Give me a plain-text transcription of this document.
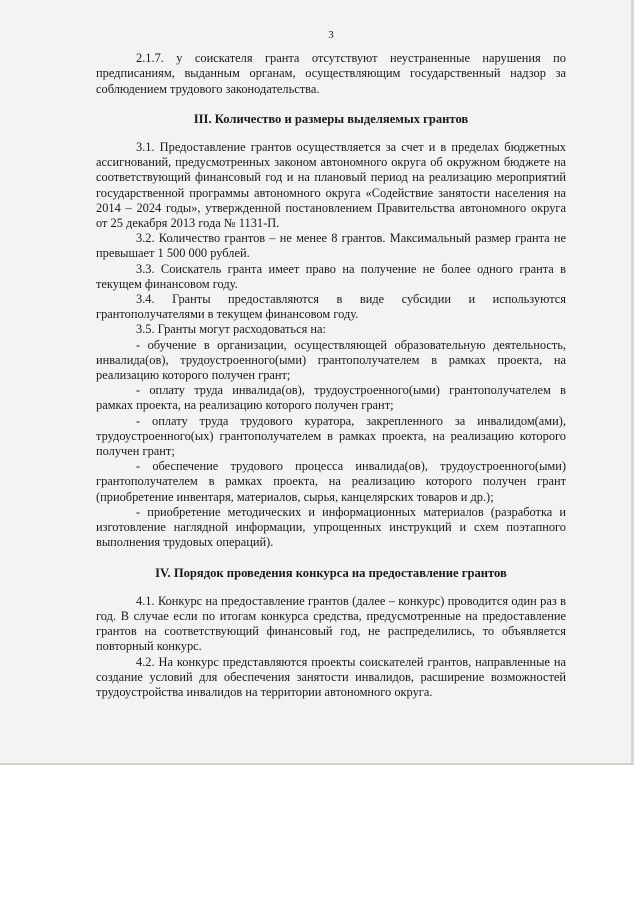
3

2.1.7. у соискателя гранта отсутствуют неустраненные нарушения по предписаниям, выданным органам, осуществляющим государственный надзор за соблюдением трудового законодательства.

III. Количество и размеры выделяемых грантов

3.1. Предоставление грантов осуществляется за счет и в пределах бюджетных ассигнований, предусмотренных законом автономного округа об окружном бюджете на соответствующий финансовый год и на плановый период на реализацию мероприятий государственной программы автономного округа «Содействие занятости населения на 2014 – 2024 годы», утвержденной постановлением Правительства автономного округа от 25 декабря 2013 года № 1131-П.

3.2. Количество грантов – не менее 8 грантов. Максимальный размер гранта не превышает 1 500 000 рублей.

3.3. Соискатель гранта имеет право на получение не более одного гранта в текущем финансовом году.

3.4. Гранты предоставляются в виде субсидии и используются грантополучателями в текущем финансовом году.

3.5. Гранты могут расходоваться на:

- обучение в организации, осуществляющей образовательную деятельность, инвалида(ов), трудоустроенного(ыми) грантополучателем в рамках проекта, на реализацию которого получен грант;

- оплату труда инвалида(ов), трудоустроенного(ыми) грантополучателем в рамках проекта, на реализацию которого получен грант;

- оплату труда трудового куратора, закрепленного за инвалидом(ами), трудоустроенного(ых) грантополучателем в рамках проекта, на реализацию которого получен грант;

- обеспечение трудового процесса инвалида(ов), трудоустроенного(ыми) грантополучателем в рамках проекта, на реализацию которого получен грант (приобретение инвентаря, материалов, сырья, канцелярских товаров и др.);

- приобретение методических и информационных материалов (разработка и изготовление наглядной информации, упрощенных инструкций и схем поэтапного выполнения трудовых операций).

IV. Порядок проведения конкурса на предоставление грантов

4.1. Конкурс на предоставление грантов (далее – конкурс) проводится один раз в год. В случае если по итогам конкурса средства, предусмотренные на предоставление грантов на соответствующий финансовый год, не распределились, то объявляется повторный конкурс.

4.2. На конкурс представляются проекты соискателей грантов, направленные на создание условий для обеспечения занятости инвалидов, расширение возможностей трудоустройства инвалидов на территории автономного округа.
